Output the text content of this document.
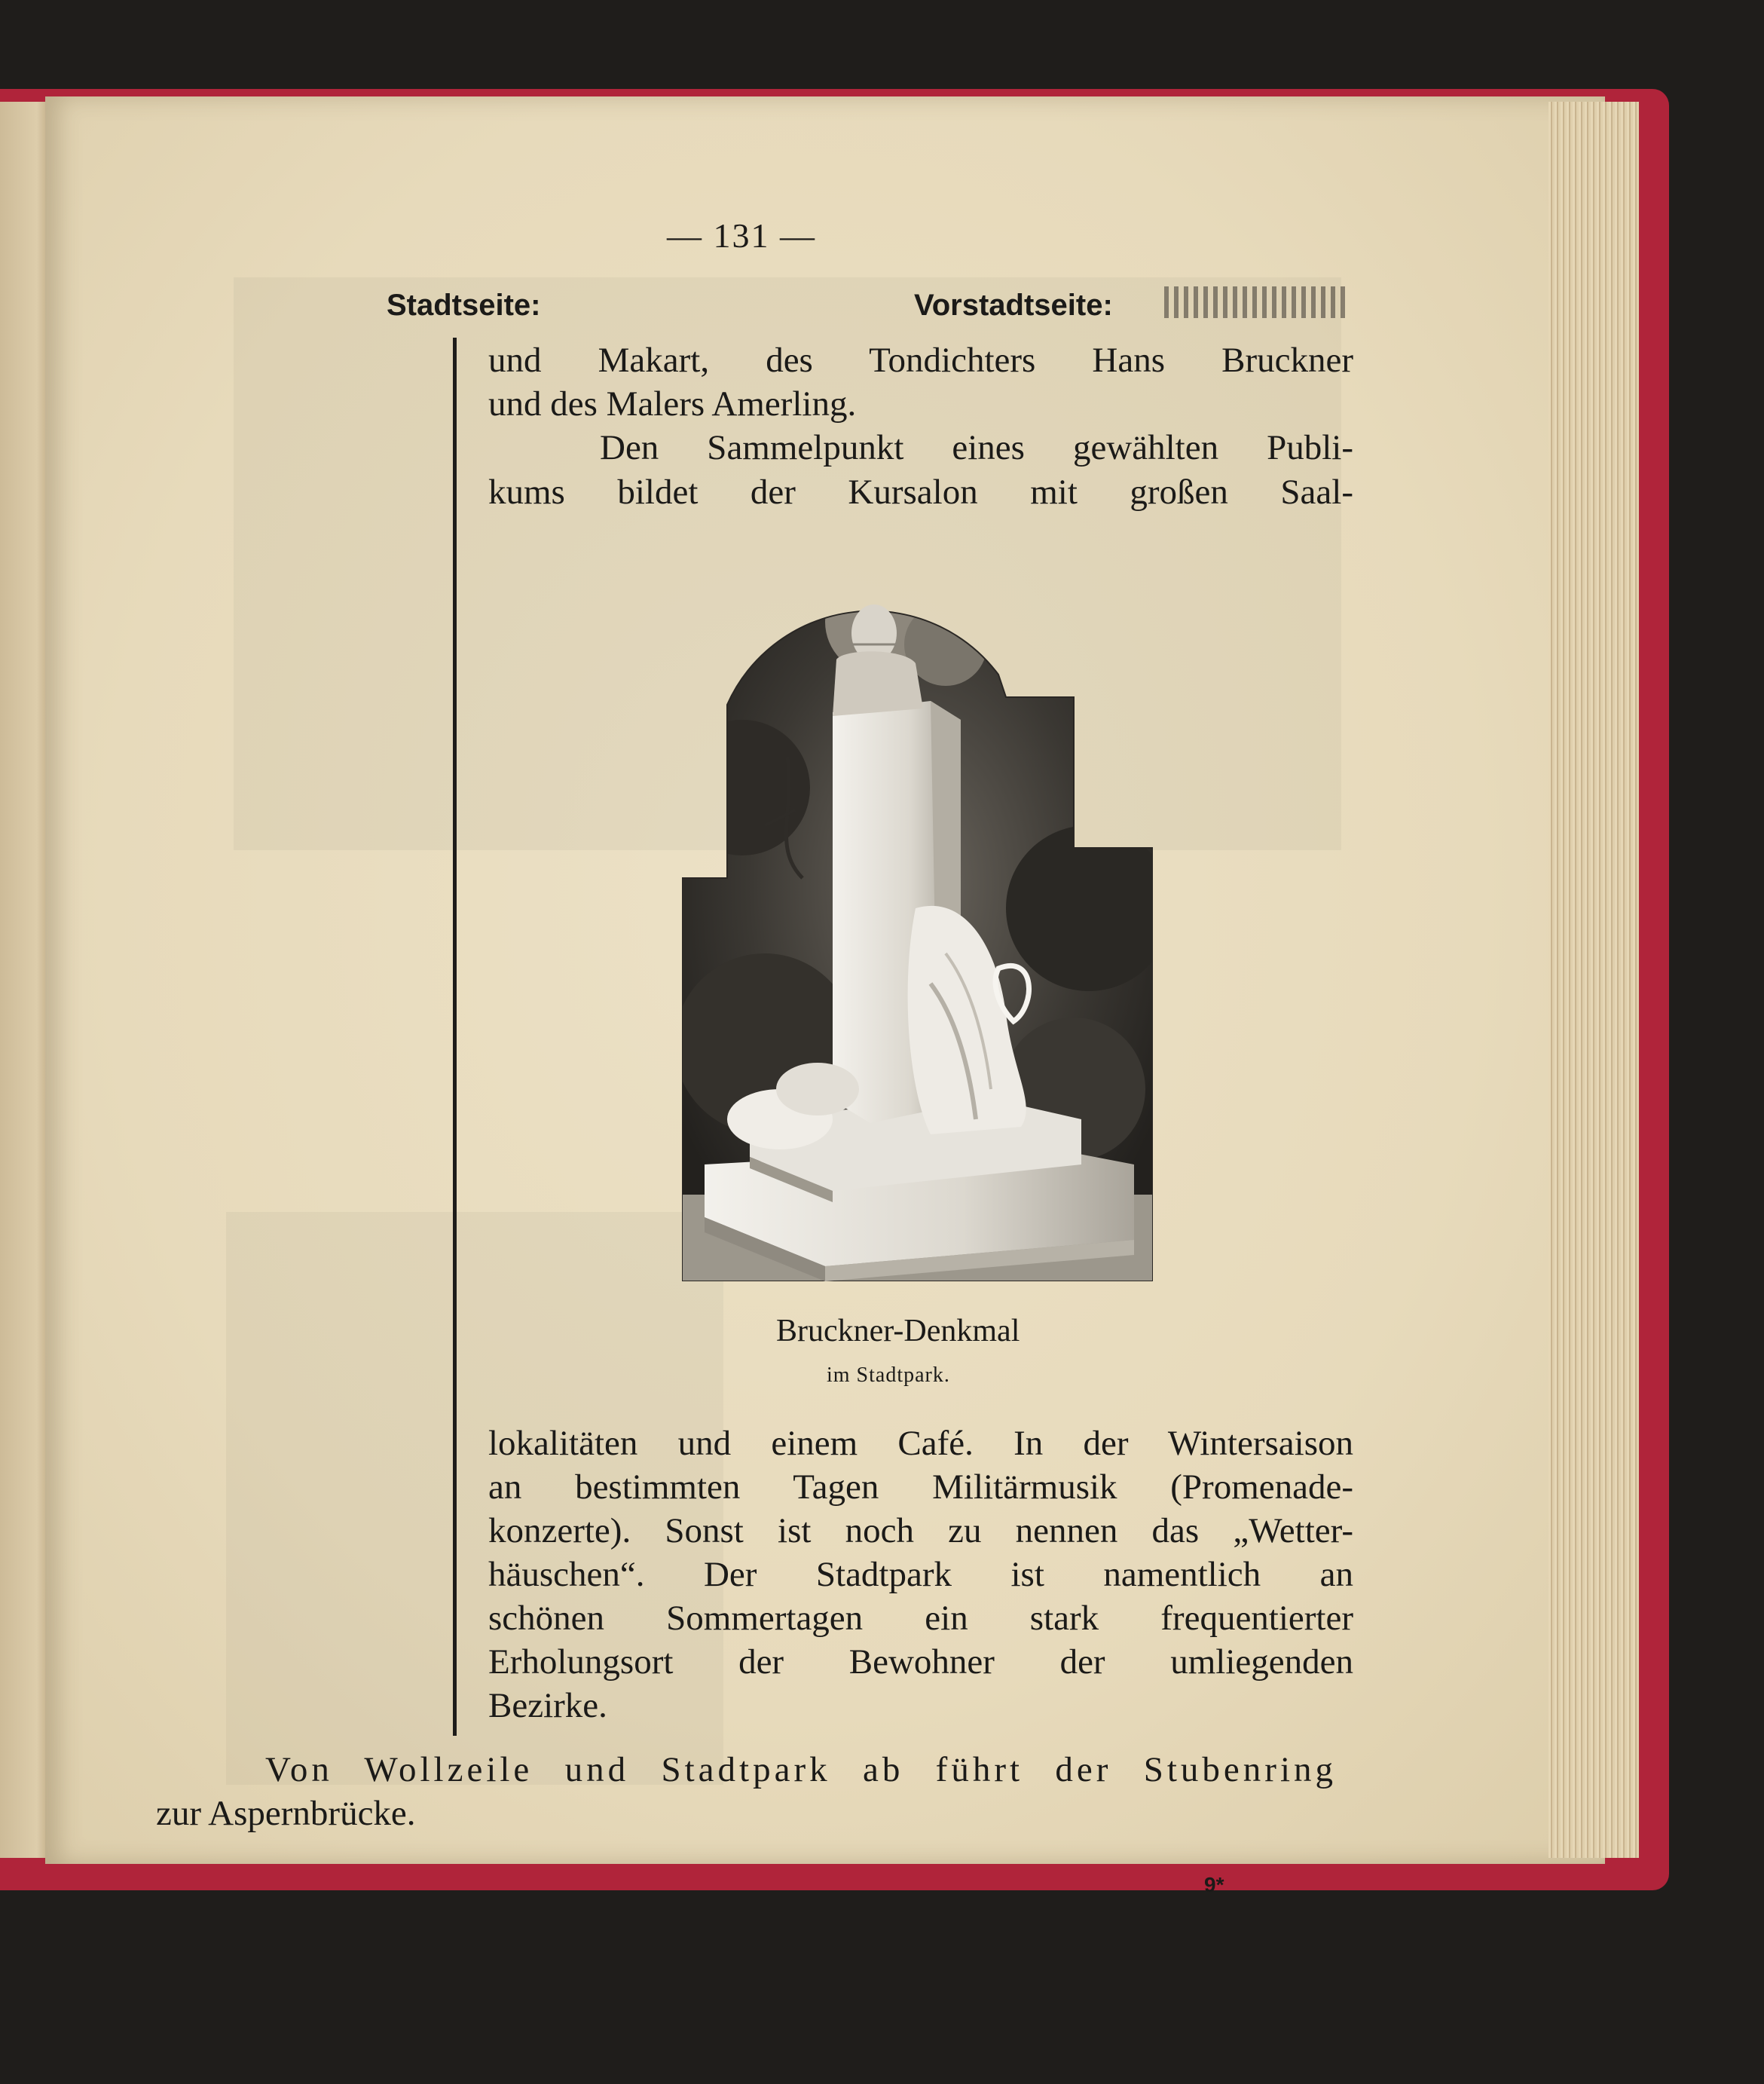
— 131 —
Stadtseite:	Vorstadtseite:
und Makart, des Tondichters Hans Bruckner
und des Malers Amerling.
Den Sammelpunkt eines gewählten Publi-
kums bildet der Kursalon mit großen Saal-
Bruckner-Denkmal
im Stadtpark.
lokalitäten und einem Café. In der Wintersaison
an bestimmten Tagen Militärmusik (Promenade-
konzerte). Sonst ist noch zu nennen das „Wetter-
häuschen“. Der Stadtpark ist namentlich an
schönen Sommertagen ein stark frequentierter
Erholungsort der Bewohner der umliegenden
Bezirke.
Von Wollzeile und Stadtpark ab führt der Stubenring
zur Aspernbrücke.
9*
